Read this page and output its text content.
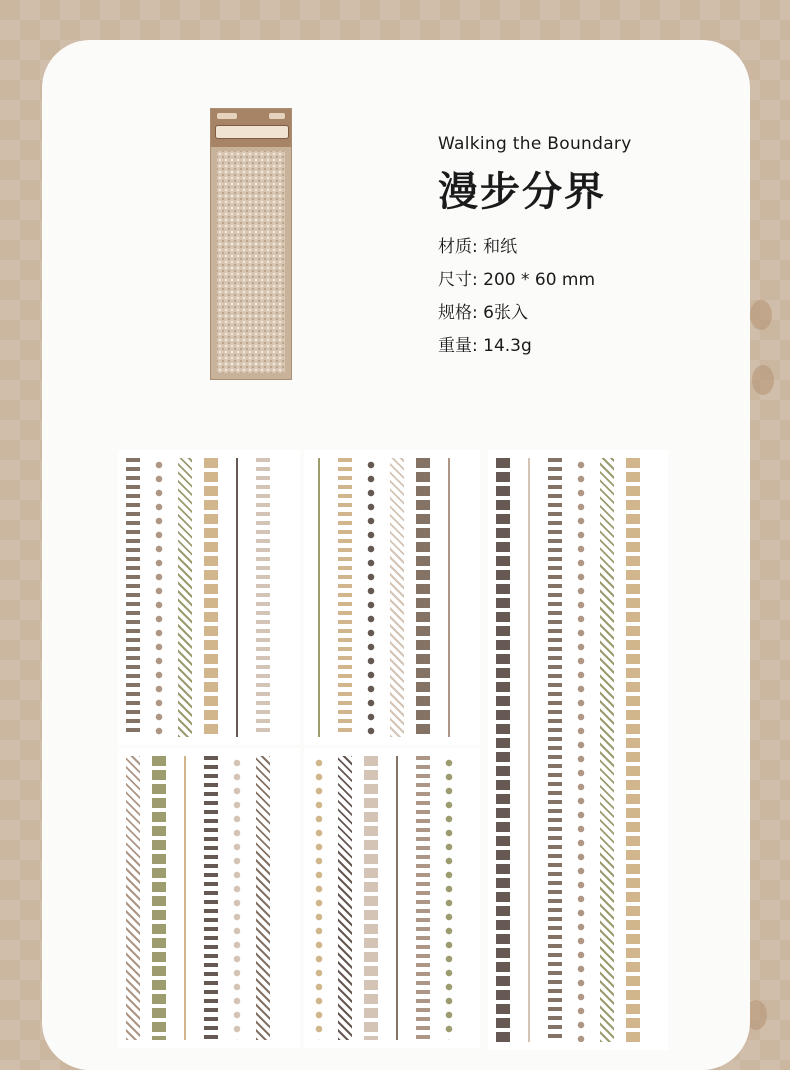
Walking the Boundary
漫步分界
材质: 和纸
尺寸: 200 * 60 mm
规格: 6张入
重量: 14.3g
